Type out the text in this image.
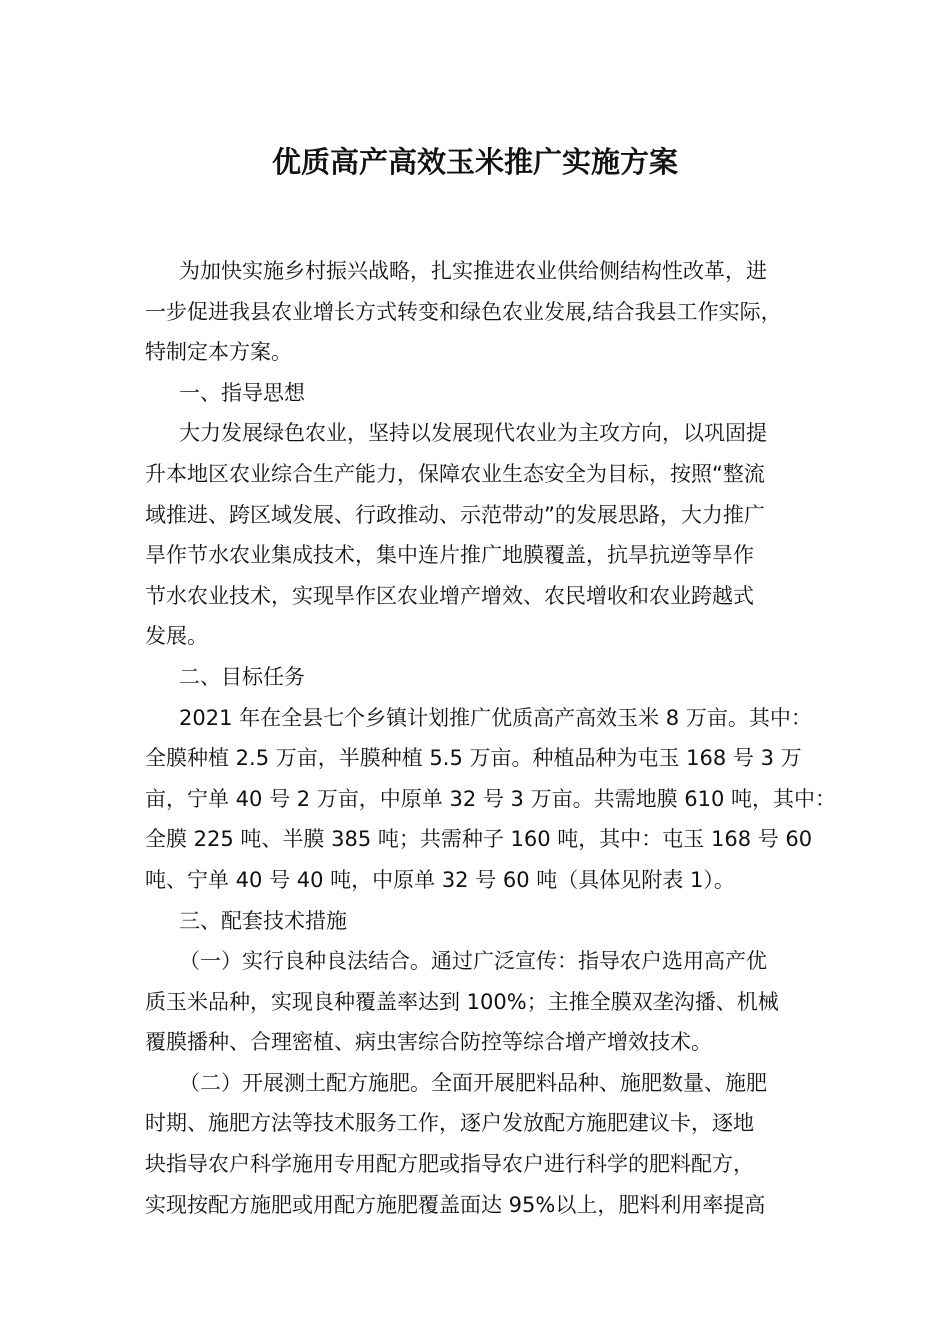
优质高产高效玉米推广实施方案
为加快实施乡村振兴战略，扎实推进农业供给侧结构性改革，进
一步促进我县农业增长方式转变和绿色农业发展,结合我县工作实际，
特制定本方案。
一、指导思想
大力发展绿色农业，坚持以发展现代农业为主攻方向，以巩固提
升本地区农业综合生产能力，保障农业生态安全为目标，按照“整流
域推进、跨区域发展、行政推动、示范带动”的发展思路，大力推广
旱作节水农业集成技术，集中连片推广地膜覆盖，抗旱抗逆等旱作
节水农业技术，实现旱作区农业增产增效、农民增收和农业跨越式
发展。
二、目标任务
2021 年在全县七个乡镇计划推广优质高产高效玉米 8 万亩。其中：
全膜种植 2.5 万亩，半膜种植 5.5 万亩。种植品种为屯玉 168 号 3 万
亩，宁单 40 号 2 万亩，中原单 32 号 3 万亩。共需地膜 610 吨，其中：
全膜 225 吨、半膜 385 吨；共需种子 160 吨，其中：屯玉 168 号 60
吨、宁单 40 号 40 吨，中原单 32 号 60 吨（具体见附表 1）。
三、配套技术措施
（一）实行良种良法结合。通过广泛宣传：指导农户选用高产优
质玉米品种，实现良种覆盖率达到 100%；主推全膜双垄沟播、机械
覆膜播种、合理密植、病虫害综合防控等综合增产增效技术。
（二）开展测土配方施肥。全面开展肥料品种、施肥数量、施肥
时期、施肥方法等技术服务工作，逐户发放配方施肥建议卡，逐地
块指导农户科学施用专用配方肥或指导农户进行科学的肥料配方，
实现按配方施肥或用配方施肥覆盖面达 95%以上，肥料利用率提高
